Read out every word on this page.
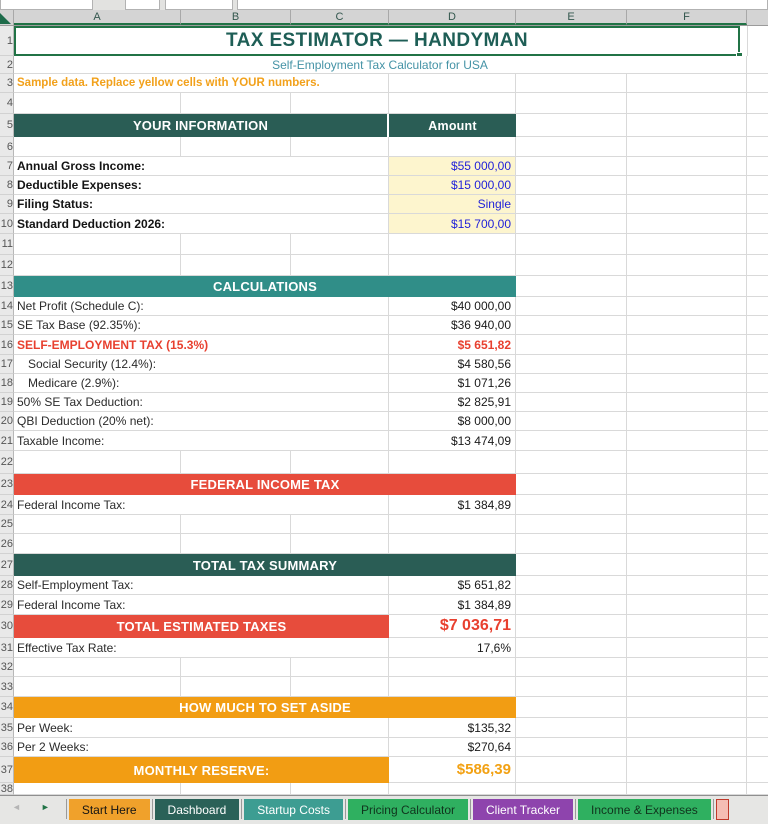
A	B	C	D	E	F
1	TAX ESTIMATOR — HANDYMAN
2	Self-Employment Tax Calculator for USA
3 Sample data. Replace yellow cells with YOUR numbers.
4
5	YOUR INFORMATION	Amount
6
7 Annual Gross Income:	$55 000,00
8 Deductible Expenses:	$15 000,00
9 Filing Status:	Single
10 Standard Deduction 2026:	$15 700,00
11
12
13	CALCULATIONS
14 Net Profit (Schedule C):	$40 000,00
15 SE Tax Base (92.35%):	$36 940,00
16 SELF-EMPLOYMENT TAX (15.3%)	$5 651,82
17	Social Security (12.4%):	$4 580,56
18	Medicare (2.9%):	$1 071,26
19 50% SE Tax Deduction:	$2 825,91
20 QBI Deduction (20% net):	$8 000,00
21 Taxable Income:	$13 474,09
22
23	FEDERAL INCOME TAX
24 Federal Income Tax:	$1 384,89
25
26
27	TOTAL TAX SUMMARY
28 Self-Employment Tax:	$5 651,82
29 Federal Income Tax:	$1 384,89
30	TOTAL ESTIMATED TAXES	$7 036,71
31 Effective Tax Rate:	17,6%
32
33
34	HOW MUCH TO SET ASIDE
35 Per Week:	$135,32
36 Per 2 Weeks:	$270,64
37	MONTHLY RESERVE:	$586,39
38
◄ ►	Start Here	Dashboard	Startup Costs	Pricing Calculator	Client Tracker	Income & Expenses
